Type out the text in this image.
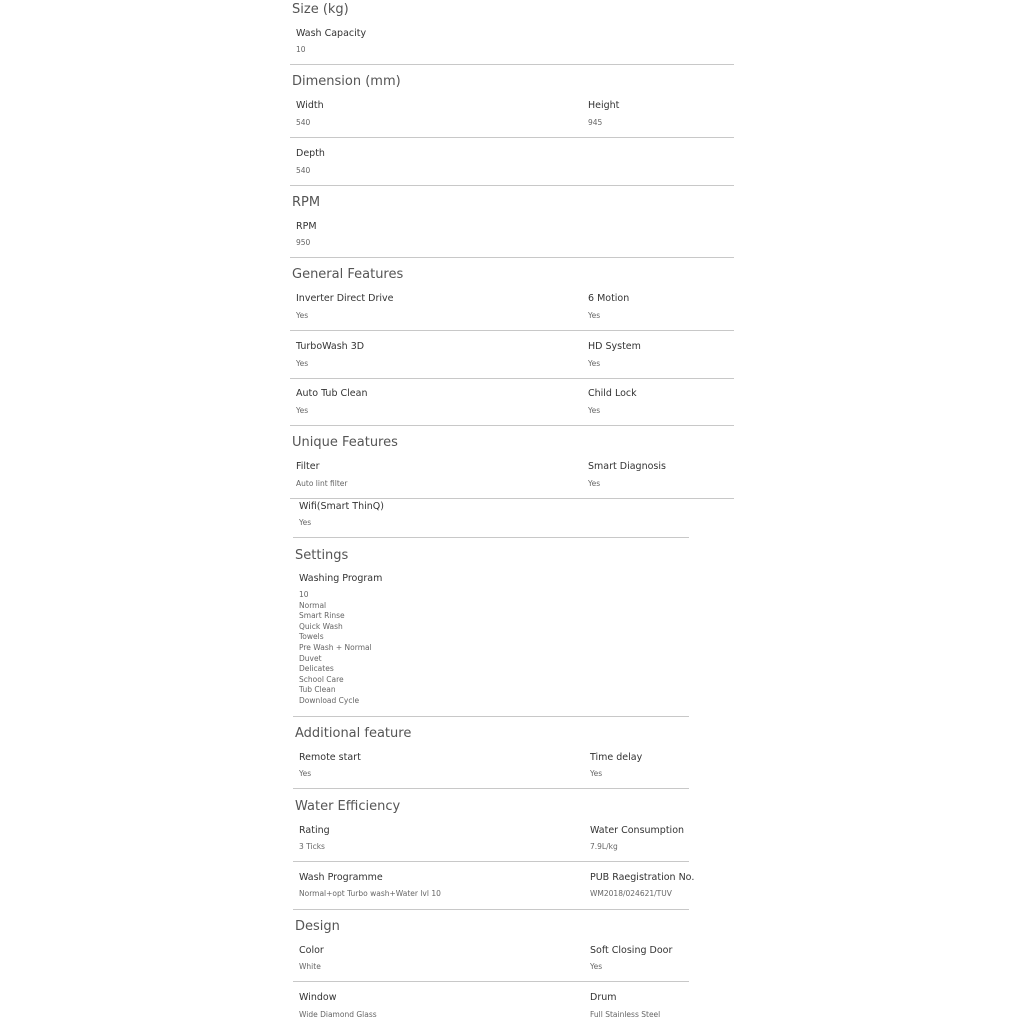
Size (kg)
Wash Capacity
10
Dimension (mm)
Width
540
Height
945
Depth
540
RPM
RPM
950
General Features
Inverter Direct Drive
Yes
6 Motion
Yes
TurboWash 3D
Yes
HD System
Yes
Auto Tub Clean
Yes
Child Lock
Yes
Unique Features
Filter
Auto lint filter
Smart Diagnosis
Yes
Wifi(Smart ThinQ)
Yes
Settings
Washing Program
10
Normal
Smart Rinse
Quick Wash
Towels
Pre Wash + Normal
Duvet
Delicates
School Care
Tub Clean
Download Cycle
Additional feature
Remote start
Yes
Time delay
Yes
Water Efficiency
Rating
3 Ticks
Water Consumption
7.9L/kg
Wash Programme
Normal+opt Turbo wash+Water lvl 10
PUB Raegistration No.
WM2018/024621/TUV
Design
Color
White
Soft Closing Door
Yes
Window
Wide Diamond Glass
Drum
Full Stainless Steel
